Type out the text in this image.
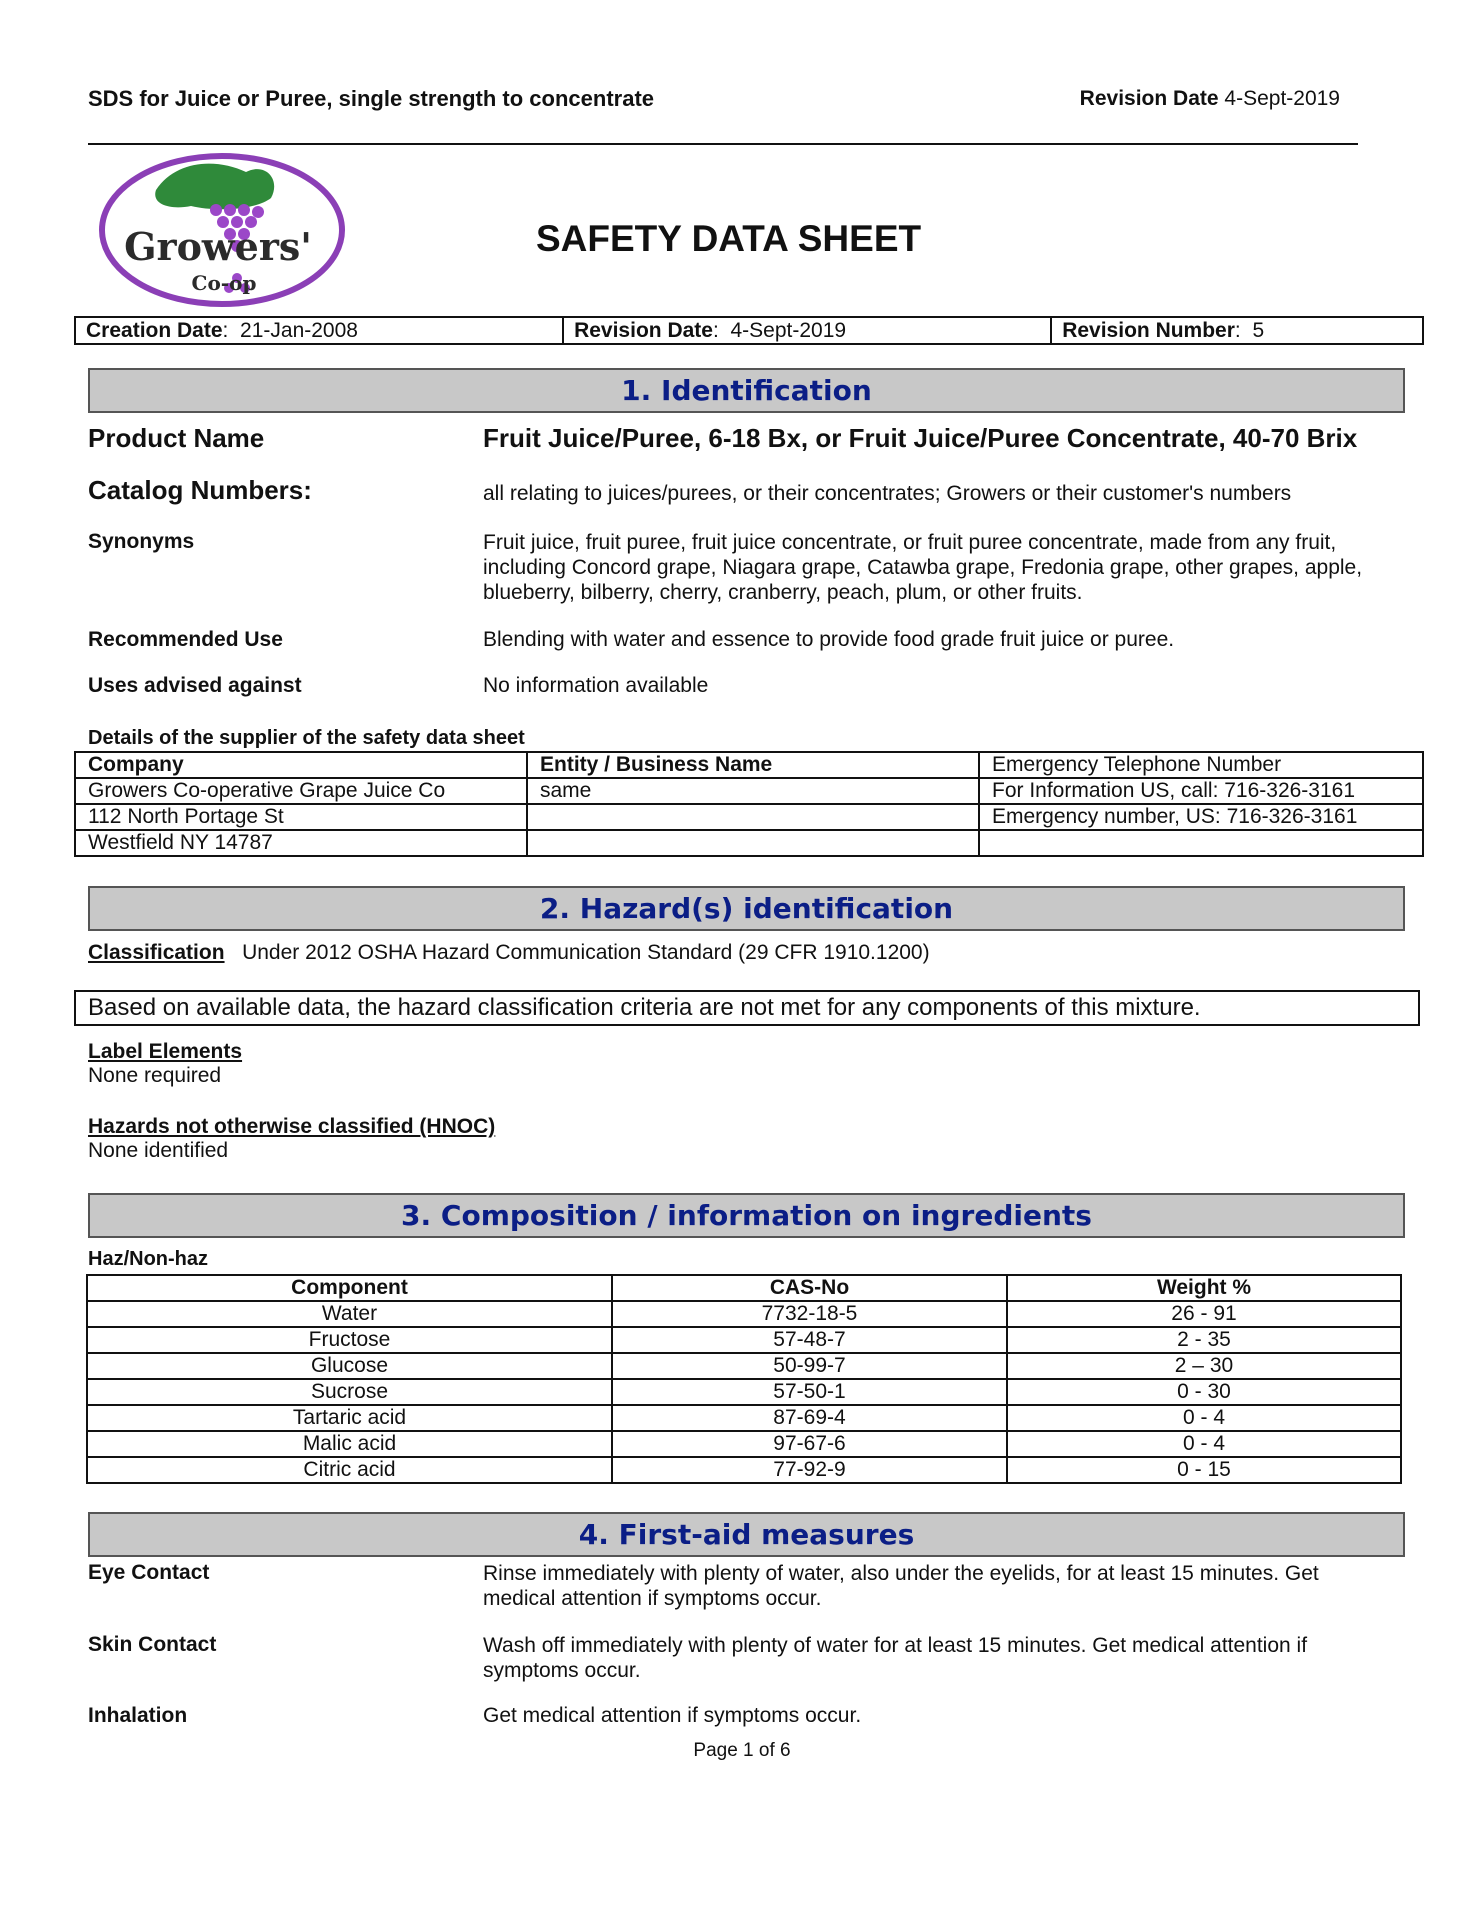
SDS for Juice or Puree, single strength to concentrate	Revision Date 4-Sept-2019
Growers'
Co-op
SAFETY DATA SHEET
Creation Date:  21-Jan-2008	Revision Date:  4-Sept-2019	Revision Number:  5
1. Identification
Product Name	Fruit Juice/Puree, 6-18 Bx, or Fruit Juice/Puree Concentrate, 40-70 Brix
Catalog Numbers:	all relating to juices/purees, or their concentrates; Growers or their customer's numbers
Synonyms	Fruit juice, fruit puree, fruit juice concentrate, or fruit puree concentrate, made from any fruit,
including Concord grape, Niagara grape, Catawba grape, Fredonia grape, other grapes, apple,
blueberry, bilberry, cherry, cranberry, peach, plum, or other fruits.
Recommended Use	Blending with water and essence to provide food grade fruit juice or puree.
Uses advised against	No information available
Details of the supplier of the safety data sheet
Company	Entity / Business Name	Emergency Telephone Number
Growers Co-operative Grape Juice Co	same	For Information US, call: 716-326-3161
112 North Portage St		Emergency number, US: 716-326-3161
Westfield NY 14787		
2. Hazard(s) identification
Classification Under 2012 OSHA Hazard Communication Standard (29 CFR 1910.1200)
Based on available data, the hazard classification criteria are not met for any components of this mixture.
Label Elements
None required
Hazards not otherwise classified (HNOC)
None identified
3. Composition / information on ingredients
Haz/Non-haz
Component	CAS-No	Weight %
Water	7732-18-5	26 - 91
Fructose	57-48-7	2 - 35
Glucose	50-99-7	2 – 30
Sucrose	57-50-1	0 - 30
Tartaric acid	87-69-4	0 - 4
Malic acid	97-67-6	0 - 4
Citric acid	77-92-9	0 - 15
4. First-aid measures
Eye Contact	Rinse immediately with plenty of water, also under the eyelids, for at least 15 minutes. Get
medical attention if symptoms occur.
Skin Contact	Wash off immediately with plenty of water for at least 15 minutes. Get medical attention if
symptoms occur.
Inhalation	Get medical attention if symptoms occur.
Page 1 of 6
